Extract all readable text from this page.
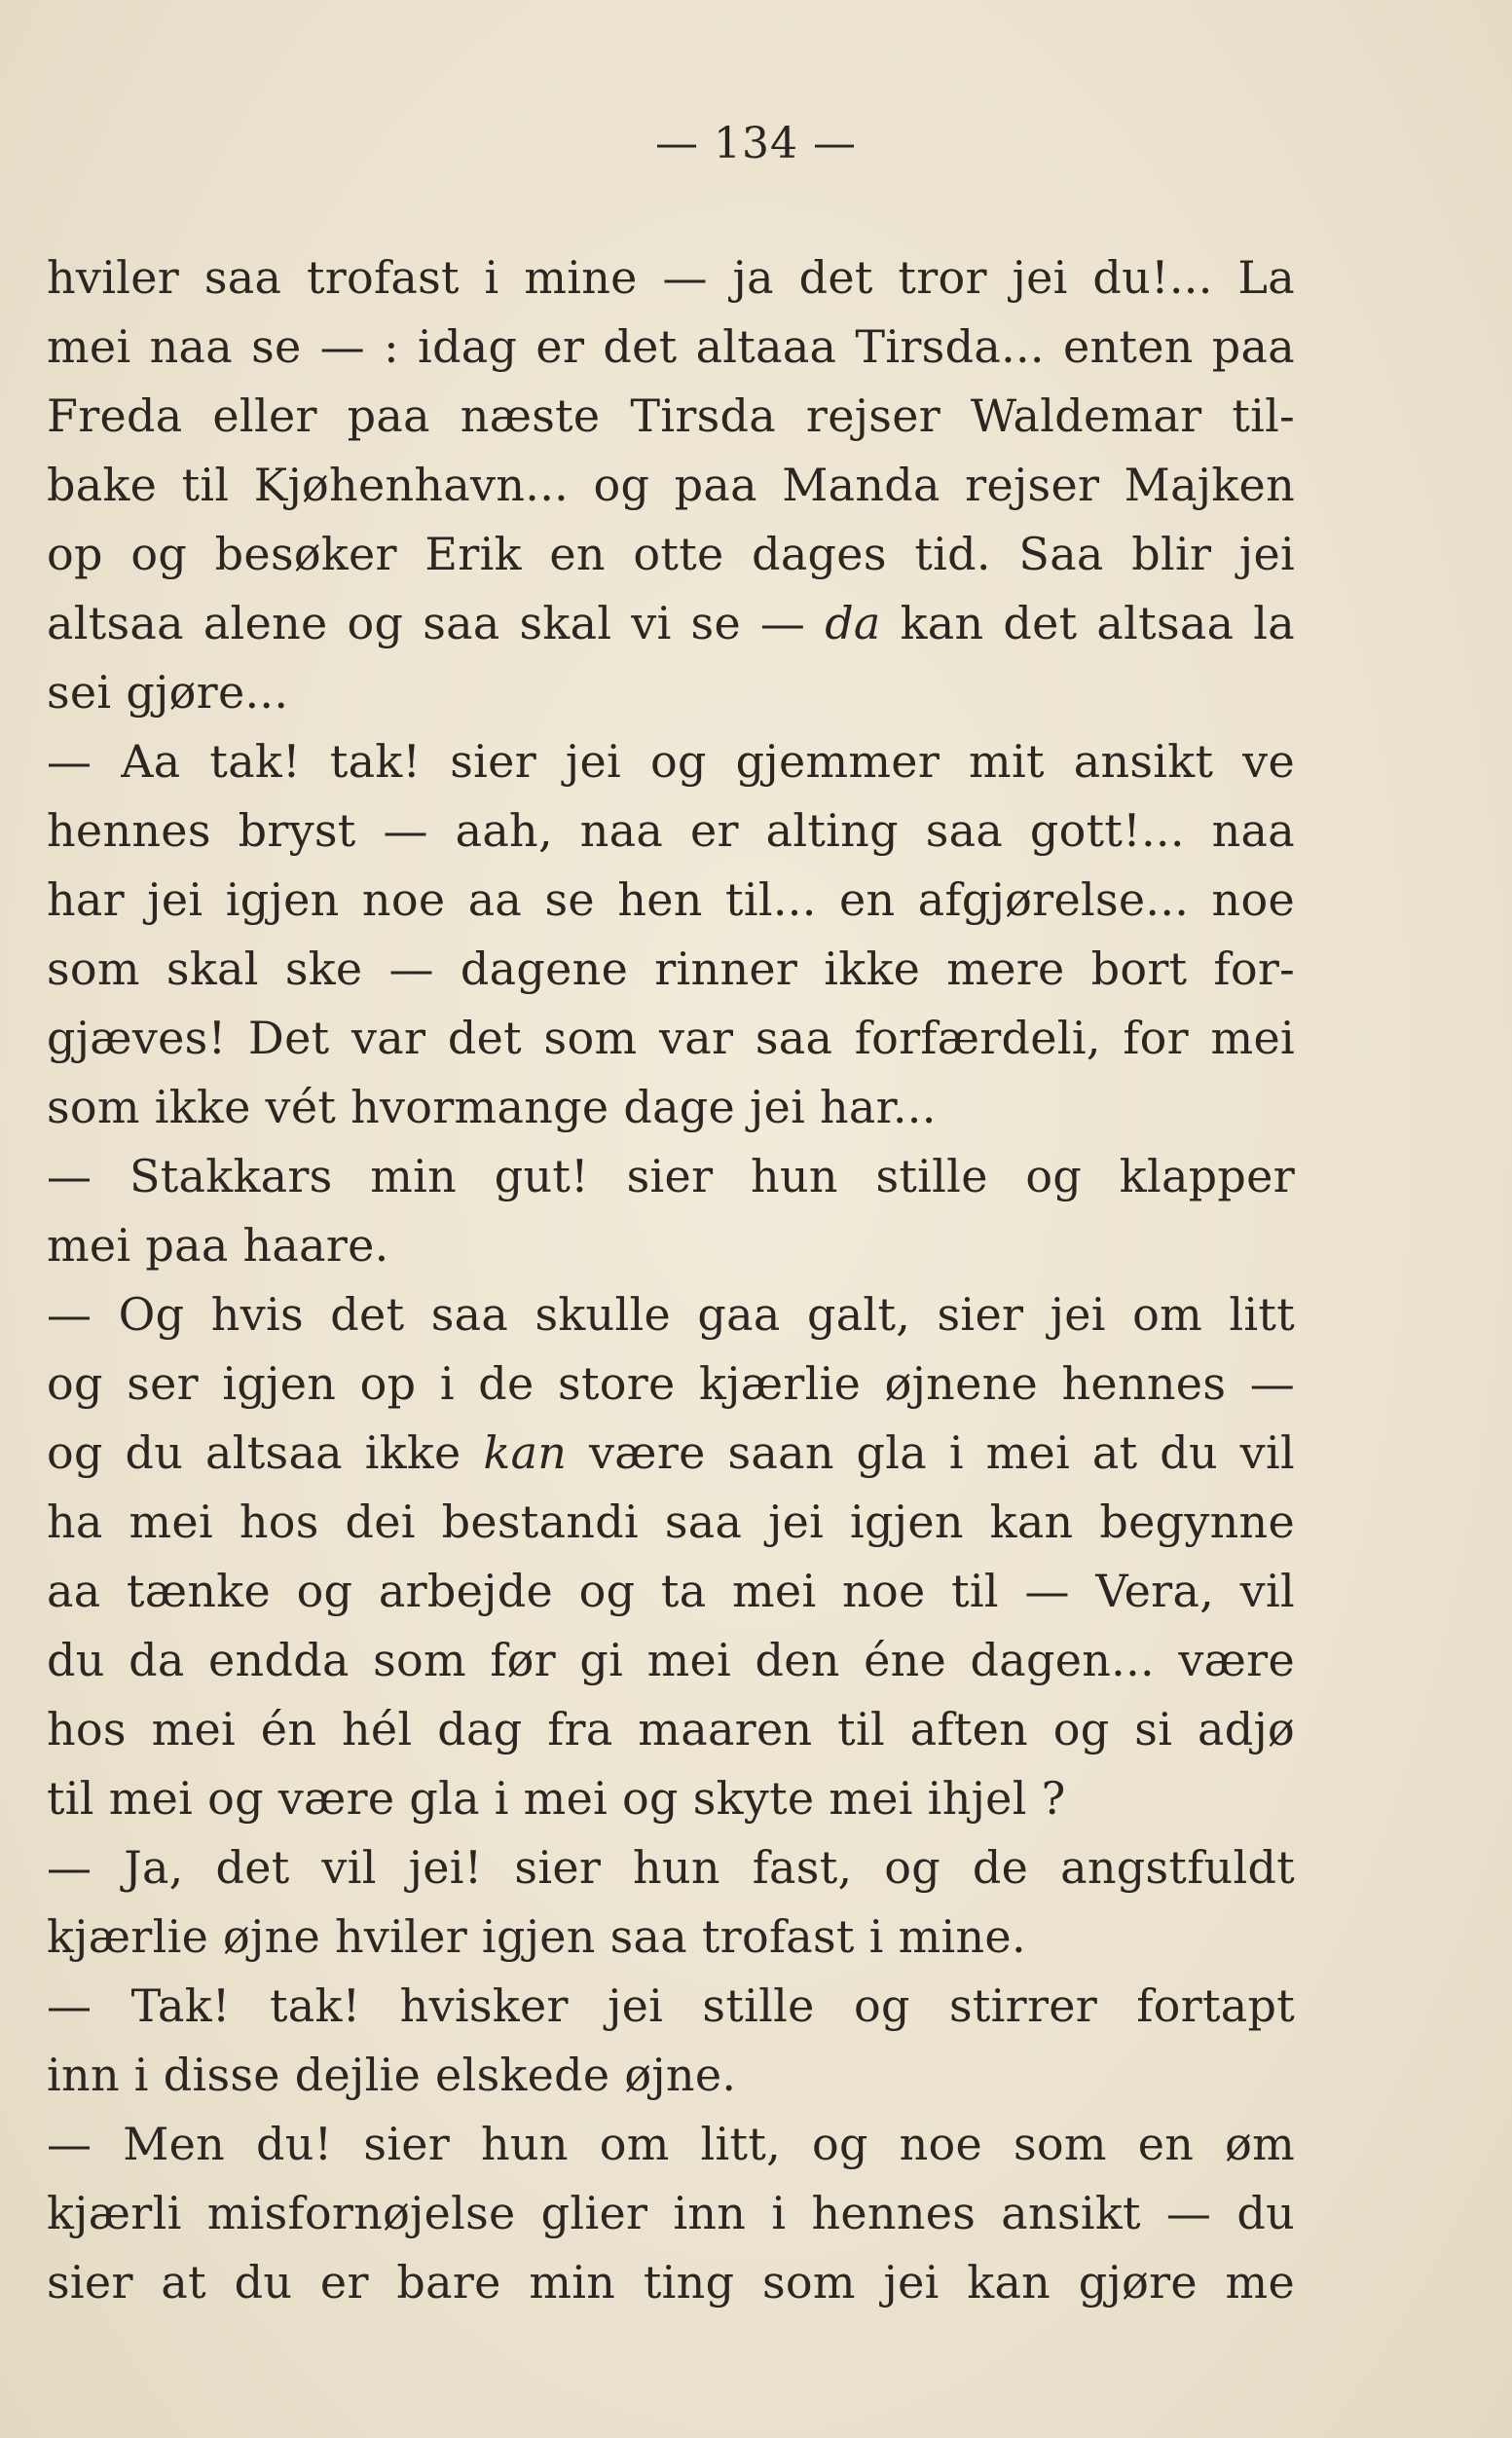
— 134 —
hviler saa trofast i mine — ja det tror jei du!... La
mei naa se — : idag er det altaaa Tirsda... enten paa
Freda eller paa næste Tirsda rejser Waldemar til-
bake til Kjøhenhavn... og paa Manda rejser Majken
op og besøker Erik en otte dages tid. Saa blir jei
altsaa alene og saa skal vi se — da kan det altsaa la
sei gjøre...
— Aa tak! tak! sier jei og gjemmer mit ansikt ve
hennes bryst — aah, naa er alting saa gott!... naa
har jei igjen noe aa se hen til... en afgjørelse... noe
som skal ske — dagene rinner ikke mere bort for-
gjæves! Det var det som var saa forfærdeli, for mei
som ikke vét hvormange dage jei har...
— Stakkars min gut! sier hun stille og klapper
mei paa haare.
— Og hvis det saa skulle gaa galt, sier jei om litt
og ser igjen op i de store kjærlie øjnene hennes —
og du altsaa ikke kan være saan gla i mei at du vil
ha mei hos dei bestandi saa jei igjen kan begynne
aa tænke og arbejde og ta mei noe til — Vera, vil
du da endda som før gi mei den éne dagen... være
hos mei én hél dag fra maaren til aften og si adjø
til mei og være gla i mei og skyte mei ihjel ?
— Ja, det vil jei! sier hun fast, og de angstfuldt
kjærlie øjne hviler igjen saa trofast i mine.
— Tak! tak! hvisker jei stille og stirrer fortapt
inn i disse dejlie elskede øjne.
— Men du! sier hun om litt, og noe som en øm
kjærli misfornøjelse glier inn i hennes ansikt — du
sier at du er bare min ting som jei kan gjøre me
